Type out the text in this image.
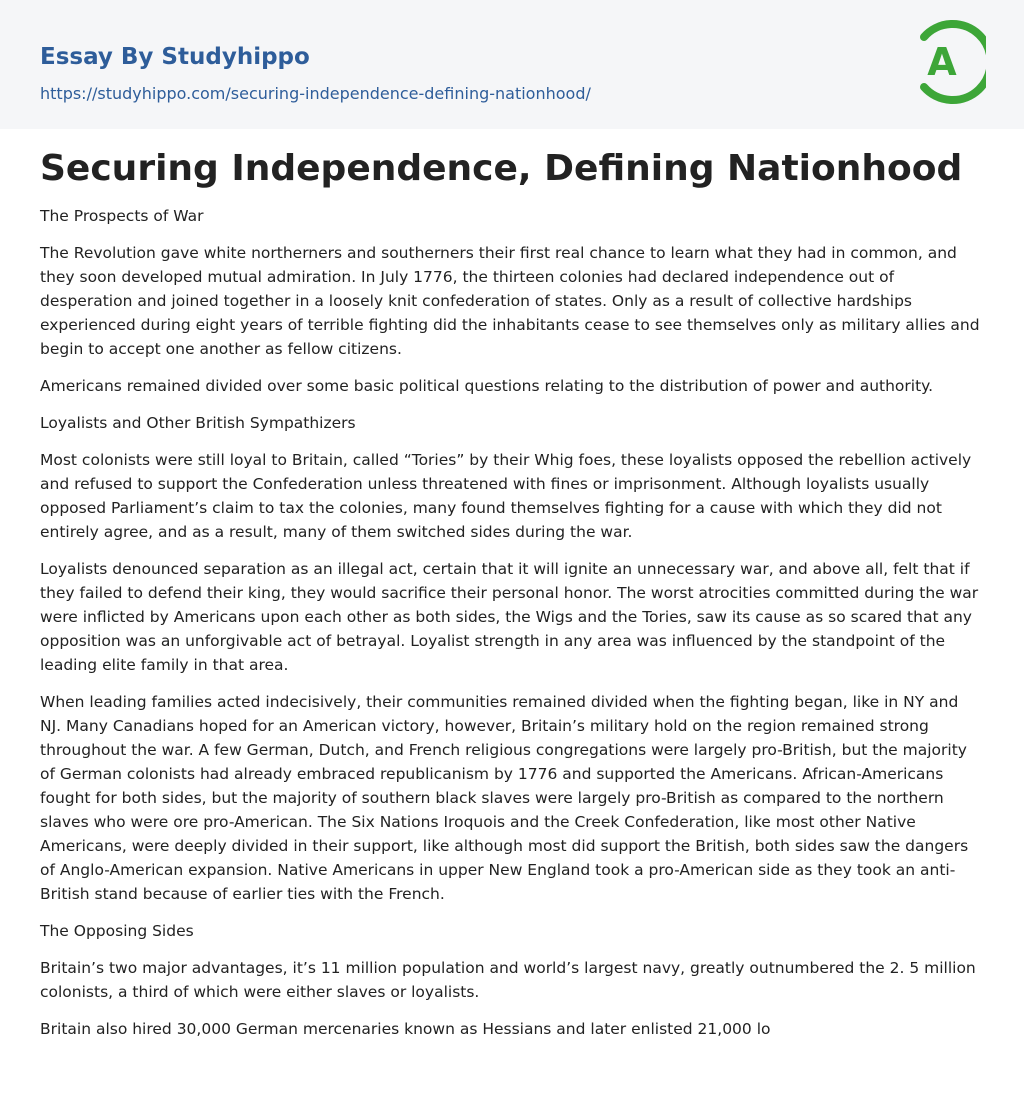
Essay By Studyhippo
https://studyhippo.com/securing-independence-defining-nationhood/
A
Securing Independence, Defining Nationhood
The Prospects of War

The Revolution gave white northerners and southerners their first real chance to learn what they had in common, and they soon developed mutual admiration. In July 1776, the thirteen colonies had declared independence out of desperation and joined together in a loosely knit confederation of states. Only as a result of collective hardships experienced during eight years of terrible fighting did the inhabitants cease to see themselves only as military allies and begin to accept one another as fellow citizens.

Americans remained divided over some basic political questions relating to the distribution of power and authority.

Loyalists and Other British Sympathizers

Most colonists were still loyal to Britain, called “Tories” by their Whig foes, these loyalists opposed the rebellion actively and refused to support the Confederation unless threatened with fines or imprisonment. Although loyalists usually opposed Parliament’s claim to tax the colonies, many found themselves fighting for a cause with which they did not entirely agree, and as a result, many of them switched sides during the war.

Loyalists denounced separation as an illegal act, certain that it will ignite an unnecessary war, and above all, felt that if they failed to defend their king, they would sacrifice their personal honor. The worst atrocities committed during the war were inflicted by Americans upon each other as both sides, the Wigs and the Tories, saw its cause as so scared that any opposition was an unforgivable act of betrayal. Loyalist strength in any area was influenced by the standpoint of the leading elite family in that area.

When leading families acted indecisively, their communities remained divided when the fighting began, like in NY and NJ. Many Canadians hoped for an American victory, however, Britain’s military hold on the region remained strong throughout the war. A few German, Dutch, and French religious congregations were largely pro-British, but the majority of German colonists had already embraced republicanism by 1776 and supported the Americans. African-Americans fought for both sides, but the majority of southern black slaves were largely pro-British as compared to the northern slaves who were ore pro-American. The Six Nations Iroquois and the Creek Confederation, like most other Native Americans, were deeply divided in their support, like although most did support the British, both sides saw the dangers of Anglo-American expansion. Native Americans in upper New England took a pro-American side as they took an anti-British stand because of earlier ties with the French.

The Opposing Sides

Britain’s two major advantages, it’s 11 million population and world’s largest navy, greatly outnumbered the 2. 5 million colonists, a third of which were either slaves or loyalists.

Britain also hired 30,000 German mercenaries known as Hessians and later enlisted 21,000 lo
